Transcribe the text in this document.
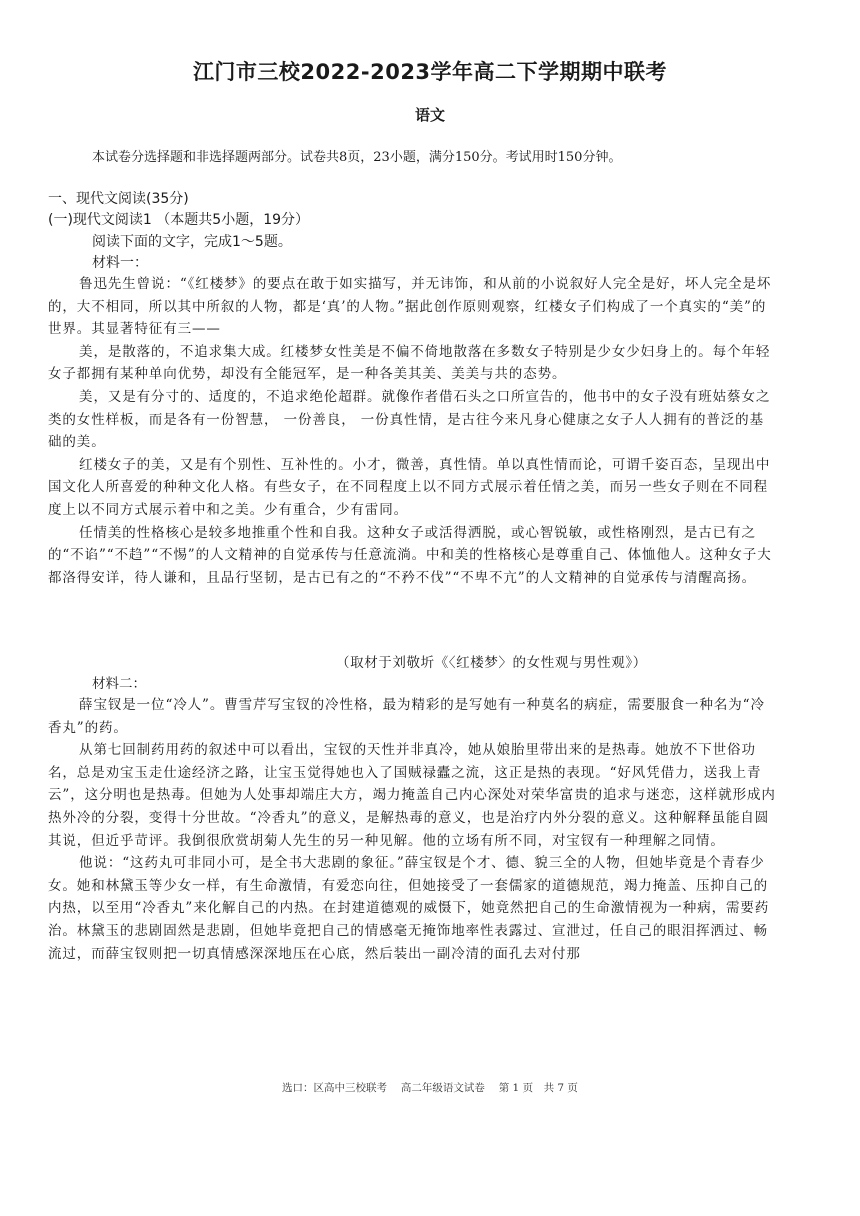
江门市三校2022-2023学年高二下学期期中联考
语文
本试卷分选择题和非选择题两部分。试卷共8页，23小题，满分150分。考试用时150分钟。
一、现代文阅读(35分)
(一)现代文阅读1 （本题共5小题，19分）
阅读下面的文字，完成1～5题。
材料一：

鲁迅先生曾说：“《红楼梦》的要点在敢于如实描写，并无讳饰，和从前的小说叙好人完全是好，坏人完全是坏的，大不相同，所以其中所叙的人物，都是‘真’的人物。”据此创作原则观察，红楼女子们构成了一个真实的“美”的世界。其显著特征有三——

美，是散落的，不追求集大成。红楼梦女性美是不偏不倚地散落在多数女子特别是少女少妇身上的。每个年轻女子都拥有某种单向优势，却没有全能冠军，是一种各美其美、美美与共的态势。

美，又是有分寸的、适度的，不追求绝伦超群。就像作者借石头之口所宣告的，他书中的女子没有班姑蔡女之类的女性样板，而是各有一份智慧， 一份善良， 一份真性情，是古往今来凡身心健康之女子人人拥有的普泛的基础的美。

红楼女子的美，又是有个别性、互补性的。小才，微善，真性情。单以真性情而论，可谓千姿百态，呈现出中国文化人所喜爱的种种文化人格。有些女子，在不同程度上以不同方式展示着任情之美，而另一些女子则在不同程度上以不同方式展示着中和之美。少有重合，少有雷同。

任情美的性格核心是较多地推重个性和自我。这种女子或活得洒脱，或心智锐敏，或性格刚烈，是古已有之的“不谄”“不趋”“不惕”的人文精神的自觉承传与任意流淌。中和美的性格核心是尊重自己、体恤他人。这种女子大都洛得安详，待人谦和，且品行坚韧，是古已有之的“不矜不伐”“不卑不亢”的人文精神的自觉承传与清醒高扬。

（取材于刘敬圻《〈红楼梦〉的女性观与男性观》）
材料二：

薛宝钗是一位“冷人”。曹雪芹写宝钗的冷性格，最为精彩的是写她有一种莫名的病症，需要服食一种名为“冷香丸”的药。

从第七回制药用药的叙述中可以看出，宝钗的天性并非真冷，她从娘胎里带出来的是热毒。她放不下世俗功名，总是劝宝玉走仕途经济之路，让宝玉觉得她也入了国贼禄蠹之流，这正是热的表现。“好风凭借力，送我上青云”，这分明也是热毒。但她为人处事却端庄大方，竭力掩盖自己内心深处对荣华富贵的追求与迷恋，这样就形成内热外冷的分裂，变得十分世故。“冷香丸”的意义，是解热毒的意义，也是治疗内外分裂的意义。这种解释虽能自圆其说，但近乎苛评。我倒很欣赏胡菊人先生的另一种见解。他的立场有所不同，对宝钗有一种理解之同情。

他说：“这药丸可非同小可，是全书大悲剧的象征。”薛宝钗是个才、德、貌三全的人物，但她毕竟是个青春少女。她和林黛玉等少女一样，有生命激情，有爱恋向往，但她接受了一套儒家的道德规范，竭力掩盖、压抑自己的内热，以至用“冷香丸”来化解自己的内热。在封建道德观的威慑下，她竟然把自己的生命激情视为一种病，需要药治。林黛玉的悲剧固然是悲剧，但她毕竟把自己的情感毫无掩饰地率性表露过、宣泄过，任自己的眼泪挥洒过、畅流过，而薛宝钗则把一切真情感深深地压在心底，然后装出一副冷清的面孔去对付那

选口：区高中三校联考　 高二年级语文试卷　 第 1 页　共 7 页
